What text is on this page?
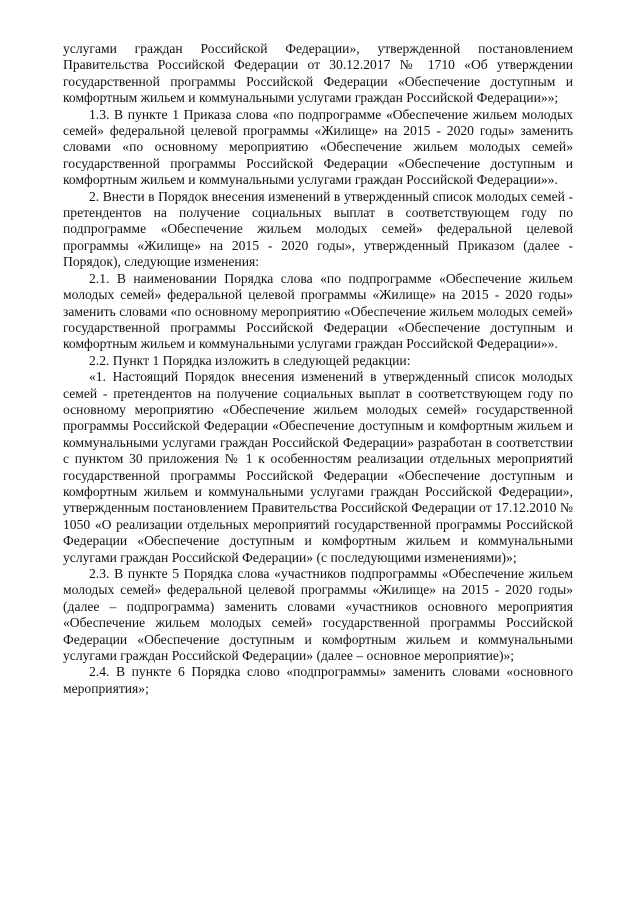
услугами граждан Российской Федерации», утвержденной постановлением Правительства Российской Федерации от 30.12.2017 № 1710 «Об утверждении государственной программы Российской Федерации «Обеспечение доступным и комфортным жильем и коммунальными услугами граждан Российской Федерации»»;

1.3. В пункте 1 Приказа слова «по подпрограмме «Обеспечение жильем молодых семей» федеральной целевой программы «Жилище» на 2015 - 2020 годы» заменить словами «по основному мероприятию «Обеспечение жильем молодых семей» государственной программы Российской Федерации «Обеспечение доступным и комфортным жильем и коммунальными услугами граждан Российской Федерации»».

2. Внести в Порядок внесения изменений в утвержденный список молодых семей - претендентов на получение социальных выплат в соответствующем году по подпрограмме «Обеспечение жильем молодых семей» федеральной целевой программы «Жилище» на 2015 - 2020 годы», утвержденный Приказом (далее - Порядок), следующие изменения:

2.1. В наименовании Порядка слова «по подпрограмме «Обеспечение жильем молодых семей» федеральной целевой программы «Жилище» на 2015 - 2020 годы» заменить словами «по основному мероприятию «Обеспечение жильем молодых семей» государственной программы Российской Федерации «Обеспечение доступным и комфортным жильем и коммунальными услугами граждан Российской Федерации»».

2.2. Пункт 1 Порядка изложить в следующей редакции:

«1. Настоящий Порядок внесения изменений в утвержденный список молодых семей - претендентов на получение социальных выплат в соответствующем году по основному мероприятию «Обеспечение жильем молодых семей» государственной программы Российской Федерации «Обеспечение доступным и комфортным жильем и коммунальными услугами граждан Российской Федерации» разработан в соответствии с пунктом 30 приложения № 1 к особенностям реализации отдельных мероприятий государственной программы Российской Федерации «Обеспечение доступным и комфортным жильем и коммунальными услугами граждан Российской Федерации», утвержденным постановлением Правительства Российской Федерации от 17.12.2010 № 1050 «О реализации отдельных мероприятий государственной программы Российской Федерации «Обеспечение доступным и комфортным жильем и коммунальными услугами граждан Российской Федерации» (с последующими изменениями)»;

2.3. В пункте 5 Порядка слова «участников подпрограммы «Обеспечение жильем молодых семей» федеральной целевой программы «Жилище» на 2015 - 2020 годы» (далее – подпрограмма) заменить словами «участников основного мероприятия «Обеспечение жильем молодых семей» государственной программы Российской Федерации «Обеспечение доступным и комфортным жильем и коммунальными услугами граждан Российской Федерации» (далее – основное мероприятие)»;

2.4. В пункте 6 Порядка слово «подпрограммы» заменить словами «основного мероприятия»;
